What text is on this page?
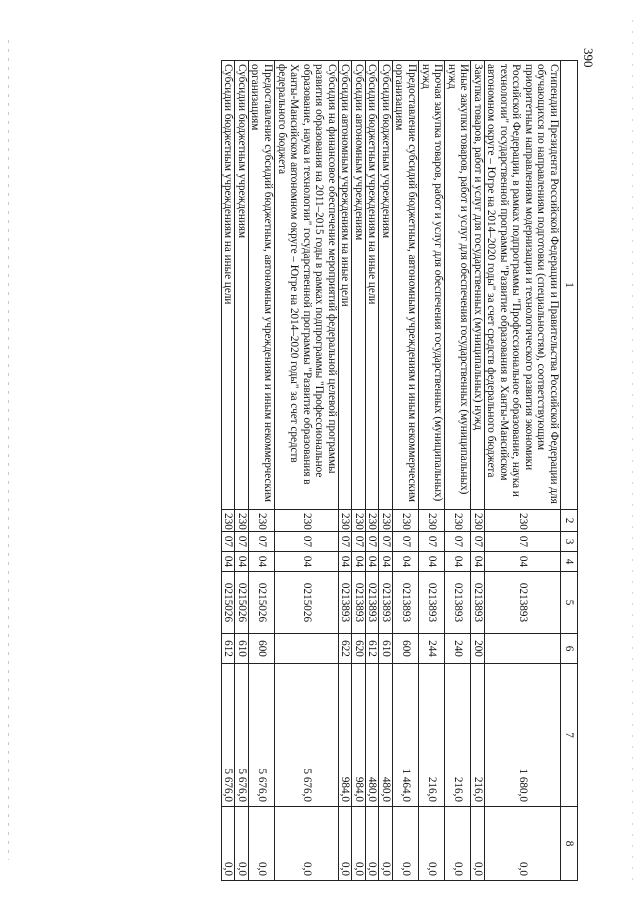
390
1	2	3	4	5	6	7	8
Стипендии Президента Российской Федерации и Правительства Российской Федерации для обучающихся по направлениям подготовки (специальностям), соответствующим приоритетным направлениям модернизации и технологического развития экономики Российской Федерации, в рамках подпрограммы "Профессиональное образование, наука и технологии" государственной программы "Развитие образования в Ханты-Мансийском автономном округе – Югре на 2014–2020 годы" за счет средств федерального бюджета	230	07	04	0213893		1 680,0	0,0
Закупка товаров, работ и услуг для государственных (муниципальных) нужд	230	07	04	0213893	200	216,0	0,0
Иные закупки товаров, работ и услуг для обеспечения государственных (муниципальных) нужд	230	07	04	0213893	240	216,0	0,0
Прочая закупка товаров, работ и услуг для обеспечения государственных (муниципальных) нужд	230	07	04	0213893	244	216,0	0,0
Предоставление субсидий бюджетным, автономным учреждениям и иным некоммерческим организациям	230	07	04	0213893	600	1 464,0	0,0
Субсидии бюджетным учреждениям	230	07	04	0213893	610	480,0	0,0
Субсидии бюджетным учреждениям на иные цели	230	07	04	0213893	612	480,0	0,0
Субсидии автономным учреждениям	230	07	04	0213893	620	984,0	0,0
Субсидии автономным учреждениям на иные цели	230	07	04	0213893	622	984,0	0,0
Субсидия на финансовое обеспечение мероприятий федеральной целевой программы развития образования на 2011–2015 годы в рамках подпрограммы "Профессиональное образование, наука и технологии" государственной программы "Развитие образования в Ханты-Мансийском автономном округе – Югре на 2014–2020 годы" за счет средств федерального бюджета	230	07	04	0215026		5 676,0	0,0
Предоставление субсидий бюджетным, автономным учреждениям и иным некоммерческим организациям	230	07	04	0215026	600	5 676,0	0,0
Субсидии бюджетным учреждениям	230	07	04	0215026	610	5 676,0	0,0
Субсидии бюджетным учреждениям на иные цели	230	07	04	0215026	612	5 676,0	0,0
